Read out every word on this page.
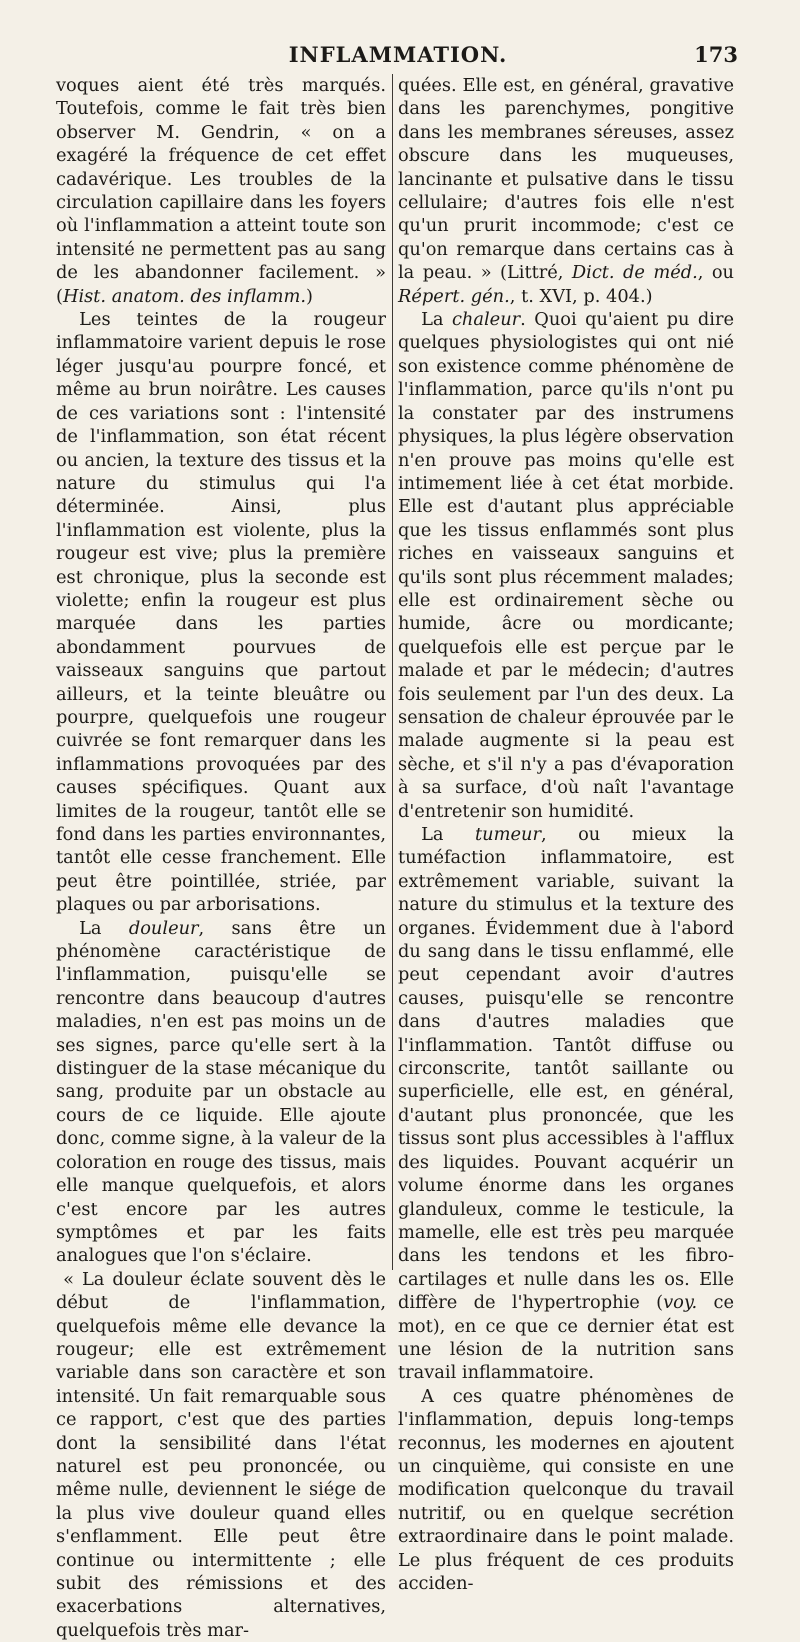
INFLAMMATION.	173

voques aient été très marqués. Toutefois, comme le fait très bien observer M. Gendrin, « on a exagéré la fréquence de cet effet cadavérique. Les troubles de la circulation capillaire dans les foyers où l'inflammation a atteint toute son intensité ne permettent pas au sang de les abandonner facilement. » (Hist. anatom. des inflamm.)

Les teintes de la rougeur inflammatoire varient depuis le rose léger jusqu'au pourpre foncé, et même au brun noirâtre. Les causes de ces variations sont : l'intensité de l'inflammation, son état récent ou ancien, la texture des tissus et la nature du stimulus qui l'a déterminée. Ainsi, plus l'inflammation est violente, plus la rougeur est vive; plus la première est chronique, plus la seconde est violette; enfin la rougeur est plus marquée dans les parties abondamment pourvues de vaisseaux sanguins que partout ailleurs, et la teinte bleuâtre ou pourpre, quelquefois une rougeur cuivrée se font remarquer dans les inflammations provoquées par des causes spécifiques. Quant aux limites de la rougeur, tantôt elle se fond dans les parties environnantes, tantôt elle cesse franchement. Elle peut être pointillée, striée, par plaques ou par arborisations.

La douleur, sans être un phénomène caractéristique de l'inflammation, puisqu'elle se rencontre dans beaucoup d'autres maladies, n'en est pas moins un de ses signes, parce qu'elle sert à la distinguer de la stase mécanique du sang, produite par un obstacle au cours de ce liquide. Elle ajoute donc, comme signe, à la valeur de la coloration en rouge des tissus, mais elle manque quelquefois, et alors c'est encore par les autres symptômes et par les faits analogues que l'on s'éclaire.

« La douleur éclate souvent dès le début de l'inflammation, quelquefois même elle devance la rougeur; elle est extrêmement variable dans son caractère et son intensité. Un fait remarquable sous ce rapport, c'est que des parties dont la sensibilité dans l'état naturel est peu prononcée, ou même nulle, deviennent le siége de la plus vive douleur quand elles s'enflamment. Elle peut être continue ou intermittente ; elle subit des rémissions et des exacerbations alternatives, quelquefois très mar-

quées. Elle est, en général, gravative dans les parenchymes, pongitive dans les membranes séreuses, assez obscure dans les muqueuses, lancinante et pulsative dans le tissu cellulaire; d'autres fois elle n'est qu'un prurit incommode; c'est ce qu'on remarque dans certains cas à la peau. » (Littré, Dict. de méd., ou Répert. gén., t. XVI, p. 404.)

La chaleur. Quoi qu'aient pu dire quelques physiologistes qui ont nié son existence comme phénomène de l'inflammation, parce qu'ils n'ont pu la constater par des instrumens physiques, la plus légère observation n'en prouve pas moins qu'elle est intimement liée à cet état morbide. Elle est d'autant plus appréciable que les tissus enflammés sont plus riches en vaisseaux sanguins et qu'ils sont plus récemment malades; elle est ordinairement sèche ou humide, âcre ou mordicante; quelquefois elle est perçue par le malade et par le médecin; d'autres fois seulement par l'un des deux. La sensation de chaleur éprouvée par le malade augmente si la peau est sèche, et s'il n'y a pas d'évaporation à sa surface, d'où naît l'avantage d'entretenir son humidité.

La tumeur, ou mieux la tuméfaction inflammatoire, est extrêmement variable, suivant la nature du stimulus et la texture des organes. Évidemment due à l'abord du sang dans le tissu enflammé, elle peut cependant avoir d'autres causes, puisqu'elle se rencontre dans d'autres maladies que l'inflammation. Tantôt diffuse ou circonscrite, tantôt saillante ou superficielle, elle est, en général, d'autant plus prononcée, que les tissus sont plus accessibles à l'afflux des liquides. Pouvant acquérir un volume énorme dans les organes glanduleux, comme le testicule, la mamelle, elle est très peu marquée dans les tendons et les fibro-cartilages et nulle dans les os. Elle diffère de l'hypertrophie (voy. ce mot), en ce que ce dernier état est une lésion de la nutrition sans travail inflammatoire.

A ces quatre phénomènes de l'inflammation, depuis long-temps reconnus, les modernes en ajoutent un cinquième, qui consiste en une modification quelconque du travail nutritif, ou en quelque secrétion extraordinaire dans le point malade. Le plus fréquent de ces produits acciden-
